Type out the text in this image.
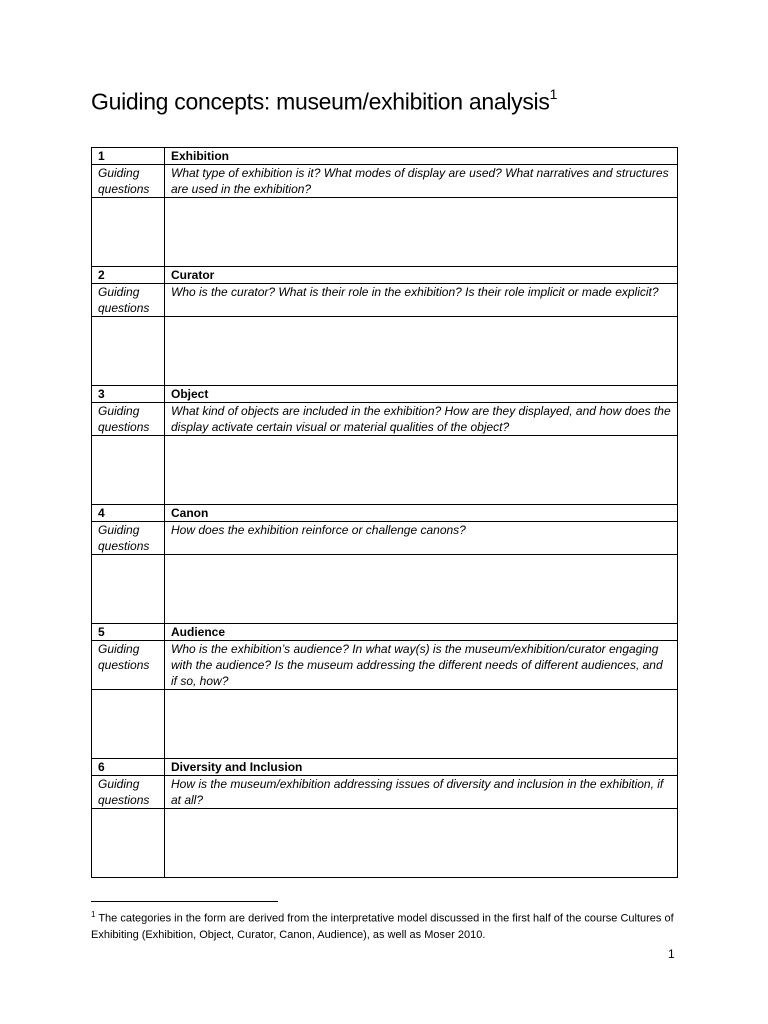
Guiding concepts: museum/exhibition analysis$^1$
1	Exhibition
Guiding questions	What type of exhibition is it? What modes of display are used? What narratives and structures are used in the exhibition?

2	Curator
Guiding questions	Who is the curator? What is their role in the exhibition? Is their role implicit or made explicit?

3	Object
Guiding questions	What kind of objects are included in the exhibition? How are they displayed, and how does the display activate certain visual or material qualities of the object?

4	Canon
Guiding questions	How does the exhibition reinforce or challenge canons?

5	Audience
Guiding questions	Who is the exhibition’s audience? In what way(s) is the museum/exhibition/curator engaging with the audience? Is the museum addressing the different needs of different audiences, and if so, how?

6	Diversity and Inclusion
Guiding questions	How is the museum/exhibition addressing issues of diversity and inclusion in the exhibition, if at all?

$^1$ The categories in the form are derived from the interpretative model discussed in the first half of the course Cultures of Exhibiting (Exhibition, Object, Curator, Canon, Audience), as well as Moser 2010.
1
